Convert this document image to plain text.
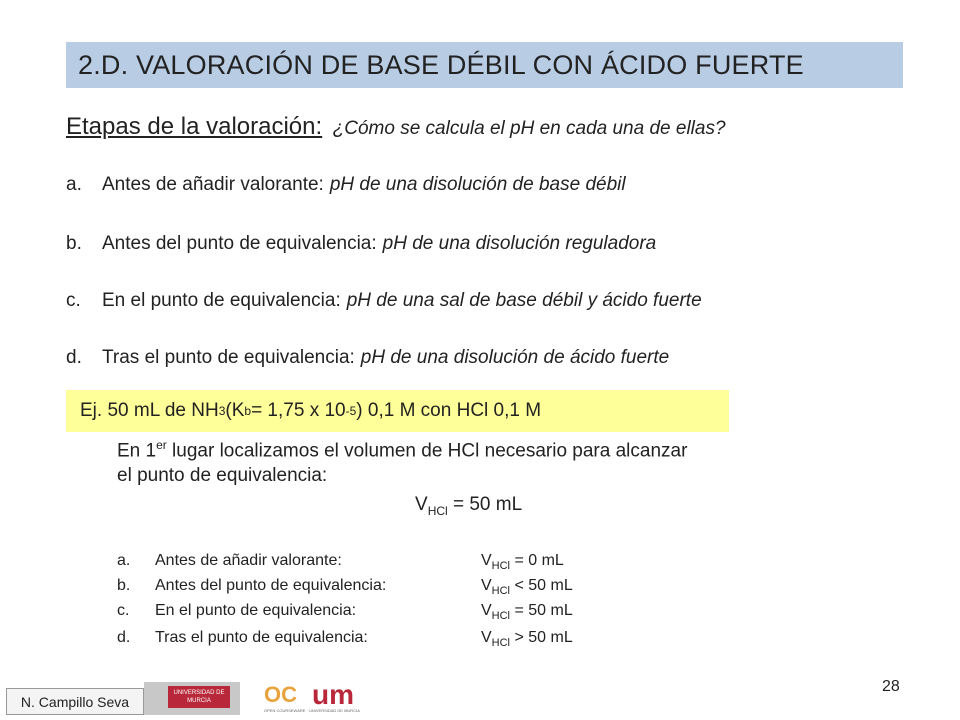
2.D. VALORACIÓN DE BASE DÉBIL CON ÁCIDO FUERTE
Etapas de la valoración: ¿Cómo se calcula el pH en cada una de ellas?
a. Antes de añadir valorante: pH de una disolución de base débil
b. Antes del punto de equivalencia: pH de una disolución reguladora
c. En el punto de equivalencia: pH de una sal de base débil y ácido fuerte
d. Tras el punto de equivalencia: pH de una disolución de ácido fuerte
Ej. 50 mL de NH 3 (K b = 1,75 x 10 -5 ) 0,1 M con HCl 0,1 M
En 1er lugar localizamos el volumen de HCl necesario para alcanzar
el punto de equivalencia:
$V_{HCl} = 50$ mL
a. Antes de añadir valorante:	$V_{HCl} = 0$ mL
b. Antes del punto de equivalencia:	$V_{HCl} < 50$ mL
c. En el punto de equivalencia:	$V_{HCl} = 50$ mL
d. Tras el punto de equivalencia:	$V_{HCl} > 50$ mL
N. Campillo Seva
UNIVERSIDAD DE
MURCIA OC um
OPEN COURSEWARE · UNIVERSIDAD DE MURCIA
28
